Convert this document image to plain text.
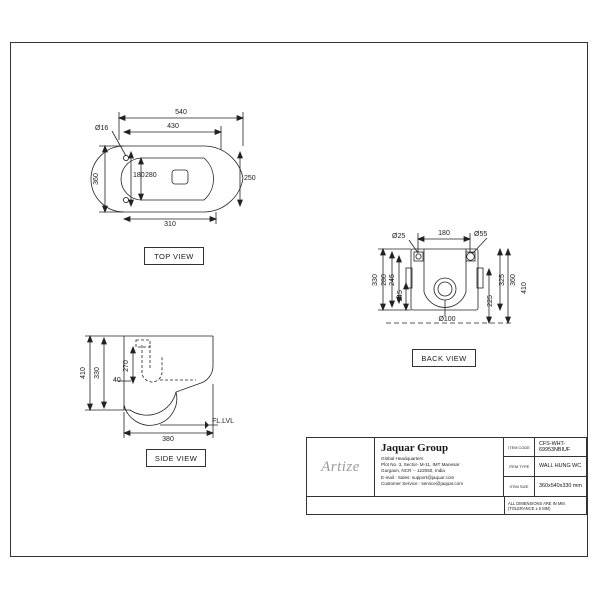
540
430
Ø16
360	180 280	250
310
TOP VIEW
Ø25	180	Ø55
330 280 245
145
325 360
410
225
Ø100
BACK VIEW
410 330
270
40
380
FL.LVL
SIDE VIEW
Artize
Jaquar Group
Global Headquarters
Plot No. 3, Sector- M-11, IMT Manesar
Gurgaon, NCR -- 122050, India
E-mail : Sales: support@jaquar.com
Customer Service : service@jaquar.com
ITEM CODE	CFS-WHT-69953NBIUF
ITEM TYPE	WALL HUNG WC
ITEM SIZE	360x540x330 mm
ALL DIMENSIONS ARE IN MM. (TOLERANCE ± 5 MM)
